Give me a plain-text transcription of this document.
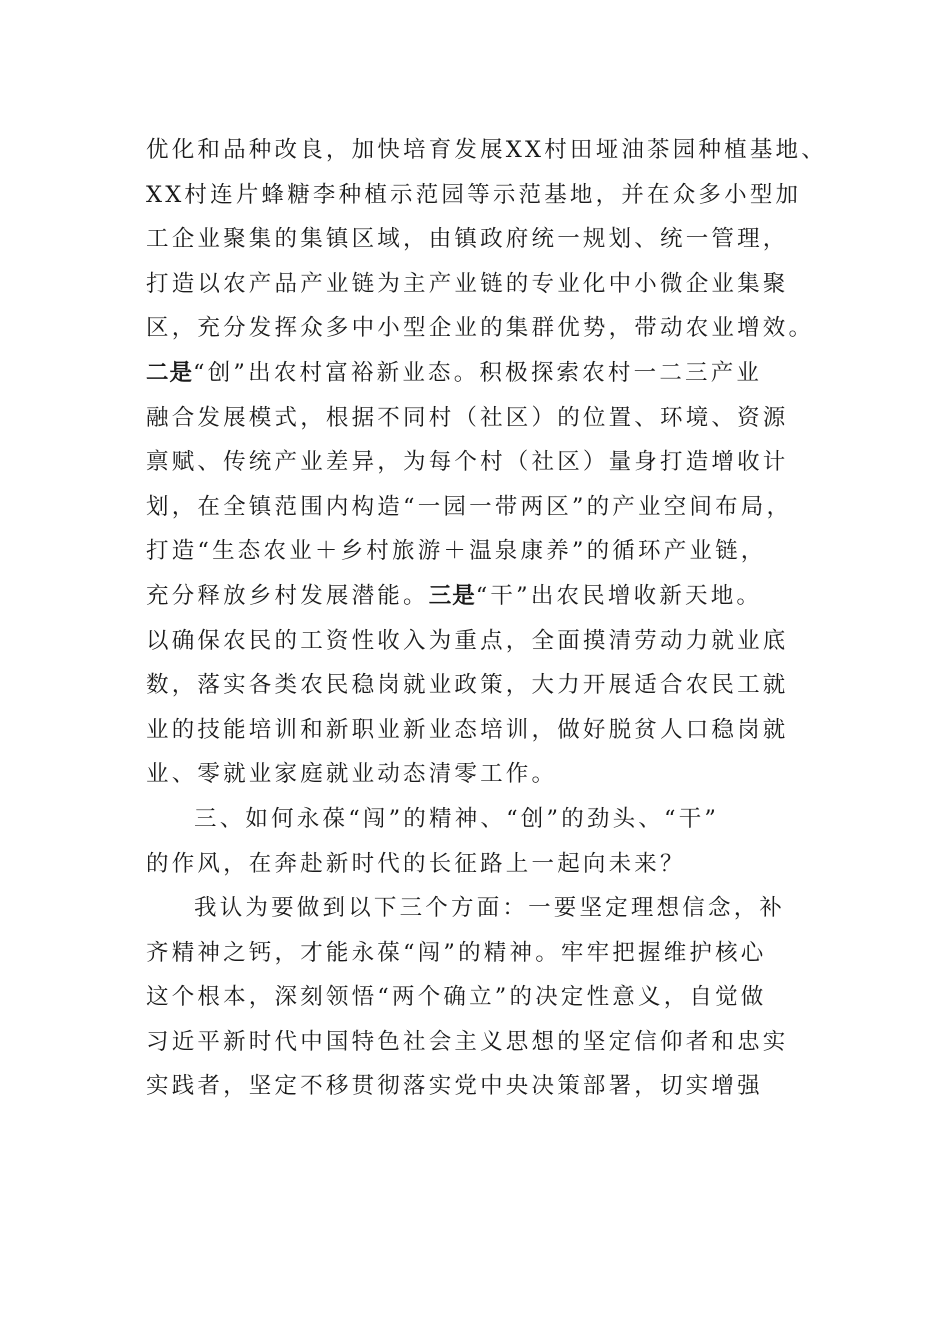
优化和品种改良，加快培育发展XX村田垭油茶园种植基地、
XX村连片蜂糖李种植示范园等示范基地，并在众多小型加
工企业聚集的集镇区域，由镇政府统一规划、统一管理，
打造以农产品产业链为主产业链的专业化中小微企业集聚
区，充分发挥众多中小型企业的集群优势，带动农业增效。
二是“创”出农村富裕新业态。积极探索农村一二三产业
融合发展模式，根据不同村（社区）的位置、环境、资源
禀赋、传统产业差异，为每个村（社区）量身打造增收计
划，在全镇范围内构造“一园一带两区”的产业空间布局，
打造“生态农业＋乡村旅游＋温泉康养”的循环产业链，
充分释放乡村发展潜能。三是“干”出农民增收新天地。
以确保农民的工资性收入为重点，全面摸清劳动力就业底
数，落实各类农民稳岗就业政策，大力开展适合农民工就
业的技能培训和新职业新业态培训，做好脱贫人口稳岗就
业、零就业家庭就业动态清零工作。
三、如何永葆“闯”的精神、“创”的劲头、“干”
的作风，在奔赴新时代的长征路上一起向未来？
我认为要做到以下三个方面：一要坚定理想信念，补
齐精神之钙，才能永葆“闯”的精神。牢牢把握维护核心
这个根本，深刻领悟“两个确立”的决定性意义，自觉做
习近平新时代中国特色社会主义思想的坚定信仰者和忠实
实践者，坚定不移贯彻落实党中央决策部署，切实增强
